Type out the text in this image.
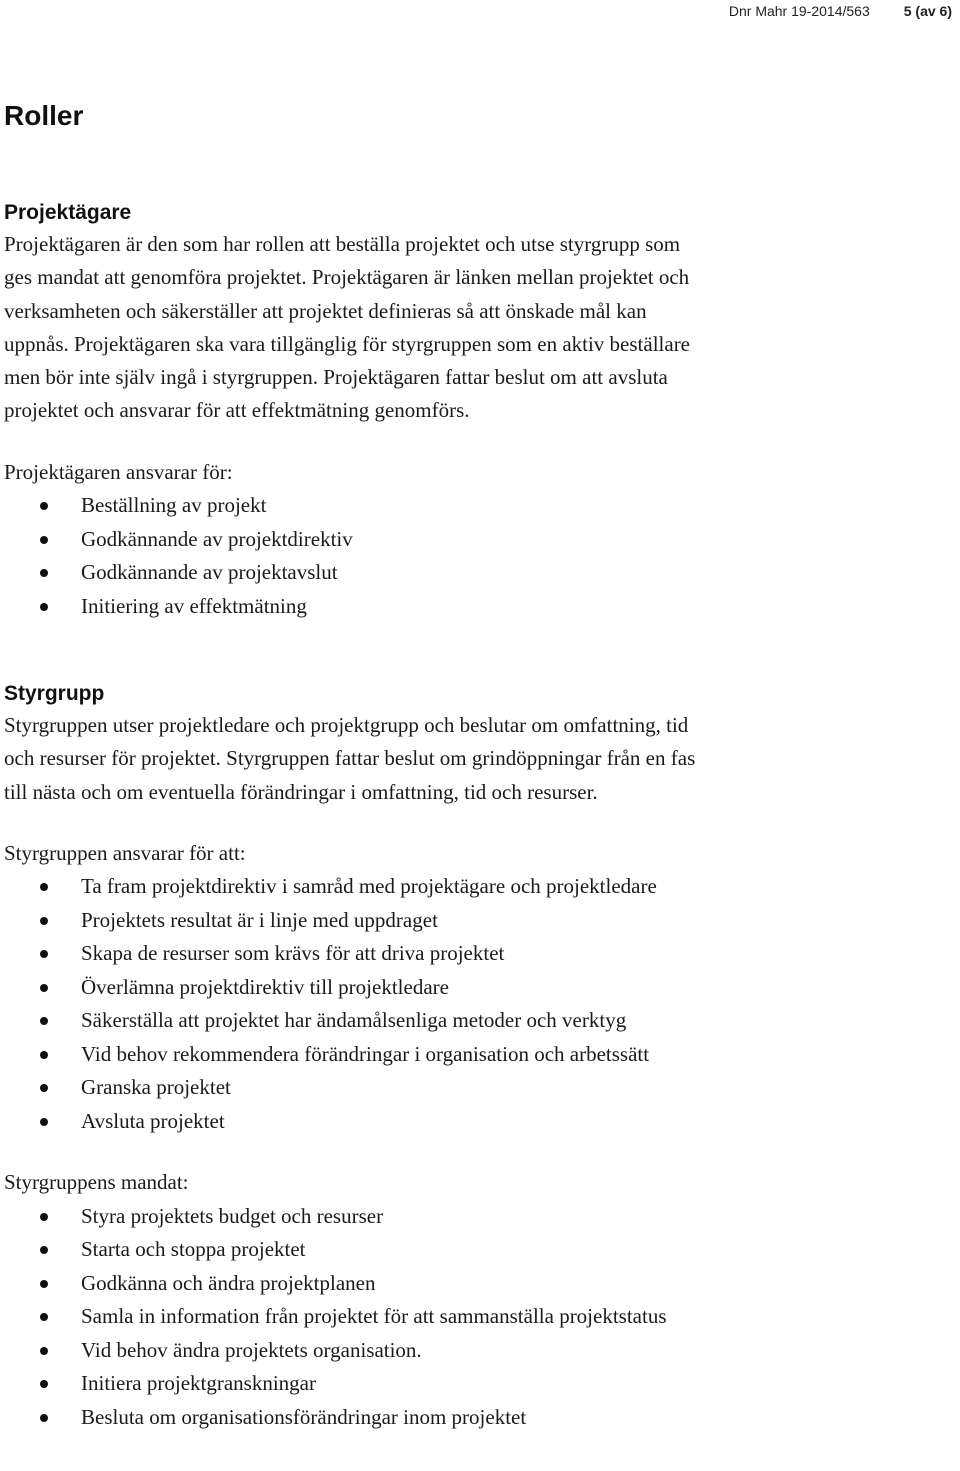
Dnr Mahr 19-2014/563 5 (av 6)
Roller
Projektägare

Projektägaren är den som har rollen att beställa projektet och utse styrgrupp som

ges mandat att genomföra projektet. Projektägaren är länken mellan projektet och

verksamheten och säkerställer att projektet definieras så att önskade mål kan

uppnås. Projektägaren ska vara tillgänglig för styrgruppen som en aktiv beställare

men bör inte själv ingå i styrgruppen. Projektägaren fattar beslut om att avsluta

projektet och ansvarar för att effektmätning genomförs.

Projektägaren ansvarar för:

Beställning av projekt
Godkännande av projektdirektiv
Godkännande av projektavslut
Initiering av effektmätning
Styrgrupp

Styrgruppen utser projektledare och projektgrupp och beslutar om omfattning, tid

och resurser för projektet. Styrgruppen fattar beslut om grindöppningar från en fas

till nästa och om eventuella förändringar i omfattning, tid och resurser.

Styrgruppen ansvarar för att:

Ta fram projektdirektiv i samråd med projektägare och projektledare
Projektets resultat är i linje med uppdraget
Skapa de resurser som krävs för att driva projektet
Överlämna projektdirektiv till projektledare
Säkerställa att projektet har ändamålsenliga metoder och verktyg
Vid behov rekommendera förändringar i organisation och arbetssätt
Granska projektet
Avsluta projektet

Styrgruppens mandat:

Styra projektets budget och resurser
Starta och stoppa projektet
Godkänna och ändra projektplanen
Samla in information från projektet för att sammanställa projektstatus
Vid behov ändra projektets organisation.
Initiera projektgranskningar
Besluta om organisationsförändringar inom projektet
